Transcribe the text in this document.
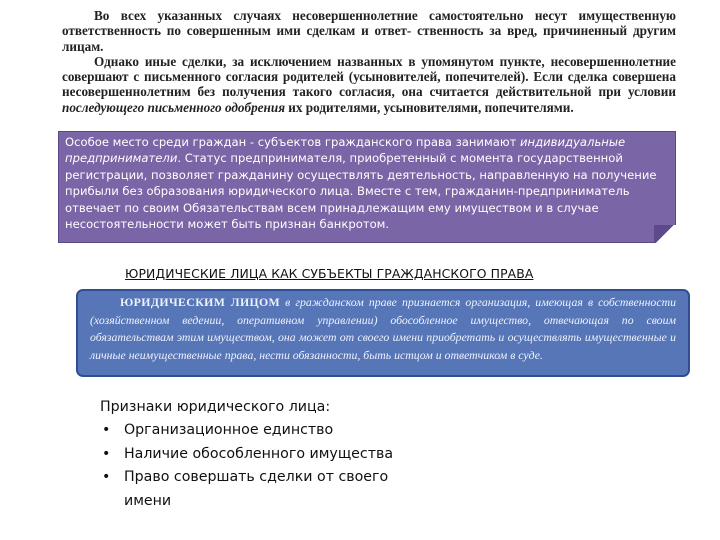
Во всех указанных случаях несовершеннолетние самостоятельно несут имущественную ответственность по совершенным ими сделкам и ответ- ственность за вред, причиненный другим лицам.

Однако иные сделки, за исключением названных в упомянутом пункте, несовершеннолетние совершают с письменного согласия родителей (усыновителей, попечителей). Если сделка совершена несовершеннолетним без получения такого согласия, она считается действительной при условии последующего письменного одобрения их родителями, усыновителями, попечителями.

Особое место среди граждан - субъектов гражданского права занимают индивидуальные предприниматели. Статус предпринимателя, приобретенный с момента государственной регистрации, позволяет гражданину осуществлять деятельность, направленную на получение прибыли без образования юридического лица. Вместе с тем, гражданин-предприниматель отвечает по своим Обязательствам всем принадлежащим ему имуществом и в случае несостоятельности может быть признан банкротом.
ЮРИДИЧЕСКИЕ ЛИЦА КАК СУБЪЕКТЫ ГРАЖДАНСКОГО ПРАВА

ЮРИДИЧЕСКИМ ЛИЦОМ в гражданском праве признается организация, имеющая в собственности (хозяйственном ведении, оперативном управлении) обособленное имущество, отвечающая по своим обязательствам этим имуществом, она может от своего имени приобретать и осуществлять имущественные и личные неимущественные права, нести обязанности, быть истцом и ответчиком в суде.

Признаки юридического лица:
• Организационное единство
• Наличие обособленного имущества
• Право совершать сделки от своего имени
